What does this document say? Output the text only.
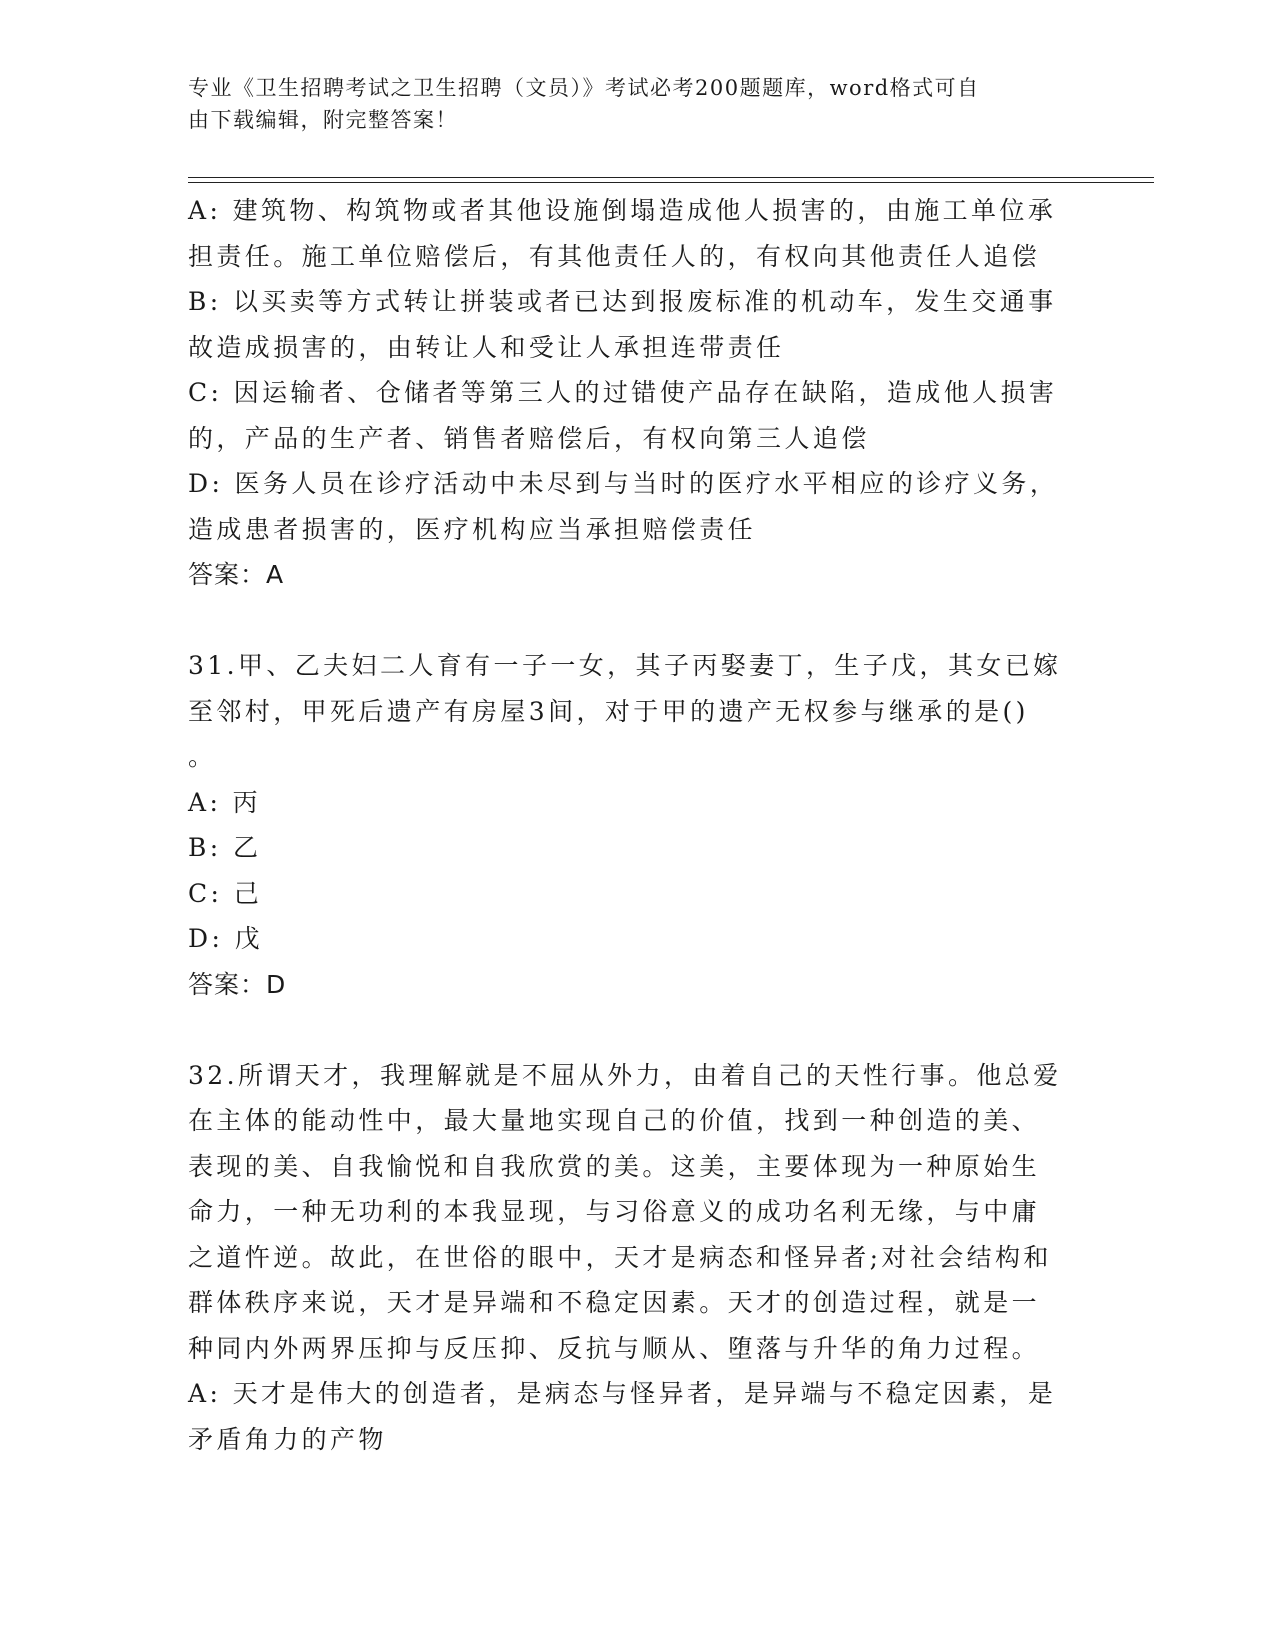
专业《卫生招聘考试之卫生招聘（文员）》考试必考200题题库，word格式可自
由下载编辑，附完整答案！
A: 建筑物、构筑物或者其他设施倒塌造成他人损害的，由施工单位承
担责任。施工单位赔偿后，有其他责任人的，有权向其他责任人追偿
B: 以买卖等方式转让拼装或者已达到报废标准的机动车，发生交通事
故造成损害的，由转让人和受让人承担连带责任
C: 因运输者、仓储者等第三人的过错使产品存在缺陷，造成他人损害
的，产品的生产者、销售者赔偿后，有权向第三人追偿
D: 医务人员在诊疗活动中未尽到与当时的医疗水平相应的诊疗义务，
造成患者损害的，医疗机构应当承担赔偿责任
答案：A
31.甲、乙夫妇二人育有一子一女，其子丙娶妻丁，生子戊，其女已嫁
至邻村，甲死后遗产有房屋3间，对于甲的遗产无权参与继承的是()
。
A: 丙
B: 乙
C: 己
D: 戊
答案：D
32.所谓天才，我理解就是不屈从外力，由着自己的天性行事。他总爱
在主体的能动性中，最大量地实现自己的价值，找到一种创造的美、
表现的美、自我愉悦和自我欣赏的美。这美，主要体现为一种原始生
命力，一种无功利的本我显现，与习俗意义的成功名利无缘，与中庸
之道忤逆。故此，在世俗的眼中，天才是病态和怪异者;对社会结构和
群体秩序来说，天才是异端和不稳定因素。天才的创造过程，就是一
种同内外两界压抑与反压抑、反抗与顺从、堕落与升华的角力过程。
A: 天才是伟大的创造者，是病态与怪异者，是异端与不稳定因素，是
矛盾角力的产物
